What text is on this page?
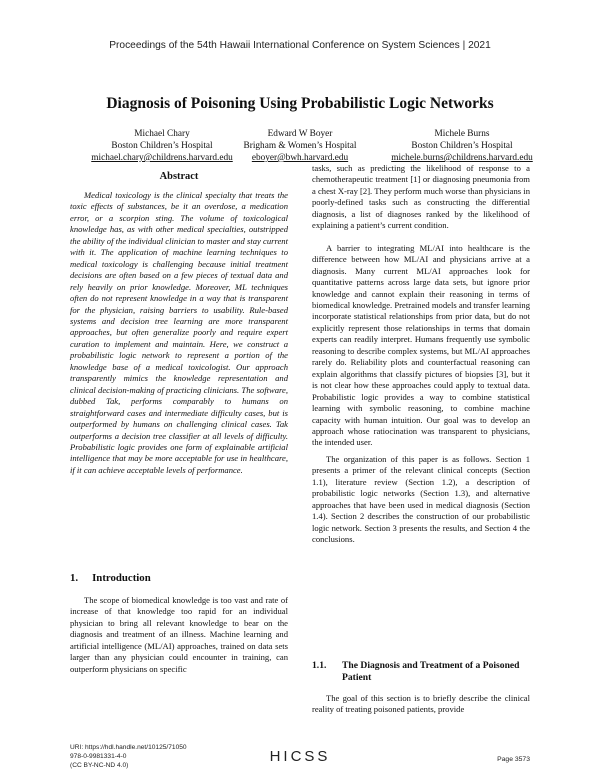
Proceedings of the 54th Hawaii International Conference on System Sciences | 2021
Diagnosis of Poisoning Using Probabilistic Logic Networks
Michael Chary
Boston Children’s Hospital
michael.chary@childrens.harvard.edu
Edward W Boyer
Brigham & Women’s Hospital
eboyer@bwh.harvard.edu
Michele Burns
Boston Children’s Hospital
michele.burns@childrens.harvard.edu
Abstract

Medical toxicology is the clinical specialty that treats the toxic effects of substances, be it an overdose, a medication error, or a scorpion sting. The volume of toxicological knowledge has, as with other medical specialties, outstripped the ability of the individual clinician to master and stay current with it. The application of machine learning techniques to medical toxicology is challenging because initial treatment decisions are often based on a few pieces of textual data and rely heavily on prior knowledge. Moreover, ML techniques often do not represent knowledge in a way that is transparent for the physician, raising barriers to usability. Rule-based systems and decision tree learning are more transparent approaches, but often generalize poorly and require expert curation to implement and maintain. Here, we construct a probabilistic logic network to represent a portion of the knowledge base of a medical toxicologist. Our approach transparently mimics the knowledge representation and clinical decision-making of practicing clinicians. The software, dubbed Tak, performs comparably to humans on straightforward cases and intermediate difficulty cases, but is outperformed by humans on challenging clinical cases. Tak outperforms a decision tree classifier at all levels of difficulty. Probabilistic logic provides one form of explainable artificial intelligence that may be more acceptable for use in healthcare, if it can achieve acceptable levels of performance.

1. Introduction

The scope of biomedical knowledge is too vast and rate of increase of that knowledge too rapid for an individual physician to bring all relevant knowledge to bear on the diagnosis and treatment of an illness. Machine learning and artificial intelligence (ML/AI) approaches, trained on data sets larger than any physician could encounter in training, can outperform physicians on specific

tasks, such as predicting the likelihood of response to a chemotherapeutic treatment [1] or diagnosing pneumonia from a chest X-ray [2]. They perform much worse than physicians in poorly-defined tasks such as constructing the differential diagnosis, a list of diagnoses ranked by the likelihood of explaining a patient’s current condition.

A barrier to integrating ML/AI into healthcare is the difference between how ML/AI and physicians arrive at a diagnosis. Many current ML/AI approaches look for quantitative patterns across large data sets, but ignore prior knowledge and cannot explain their reasoning in terms of biomedical knowledge. Pretrained models and transfer learning incorporate statistical relationships from prior data, but do not explicitly represent those relationships in terms that domain experts can readily interpret. Humans frequently use symbolic reasoning to describe complex systems, but ML/AI approaches rarely do. Reliability plots and counterfactual reasoning can explain algorithms that classify pictures of biopsies [3], but it is not clear how these approaches could apply to textual data. Probabilistic logic provides a way to combine statistical learning with symbolic reasoning, to combine machine capacity with human intuition. Our goal was to develop an approach whose ratiocination was transparent to physicians, the intended user.

The organization of this paper is as follows. Section 1 presents a primer of the relevant clinical concepts (Section 1.1), literature review (Section 1.2), a description of probabilistic logic networks (Section 1.3), and alternative approaches that have been used in medical diagnosis (Section 1.4). Section 2 describes the construction of our probabilistic logic network. Section 3 presents the results, and Section 4 the conclusions.

1.1.	The Diagnosis and Treatment of a Poisoned Patient

The goal of this section is to briefly describe the clinical reality of treating poisoned patients, provide

URI: https://hdl.handle.net/10125/71050
978-0-9981331-4-0
(CC BY-NC-ND 4.0)
HICSS	Page 3573
